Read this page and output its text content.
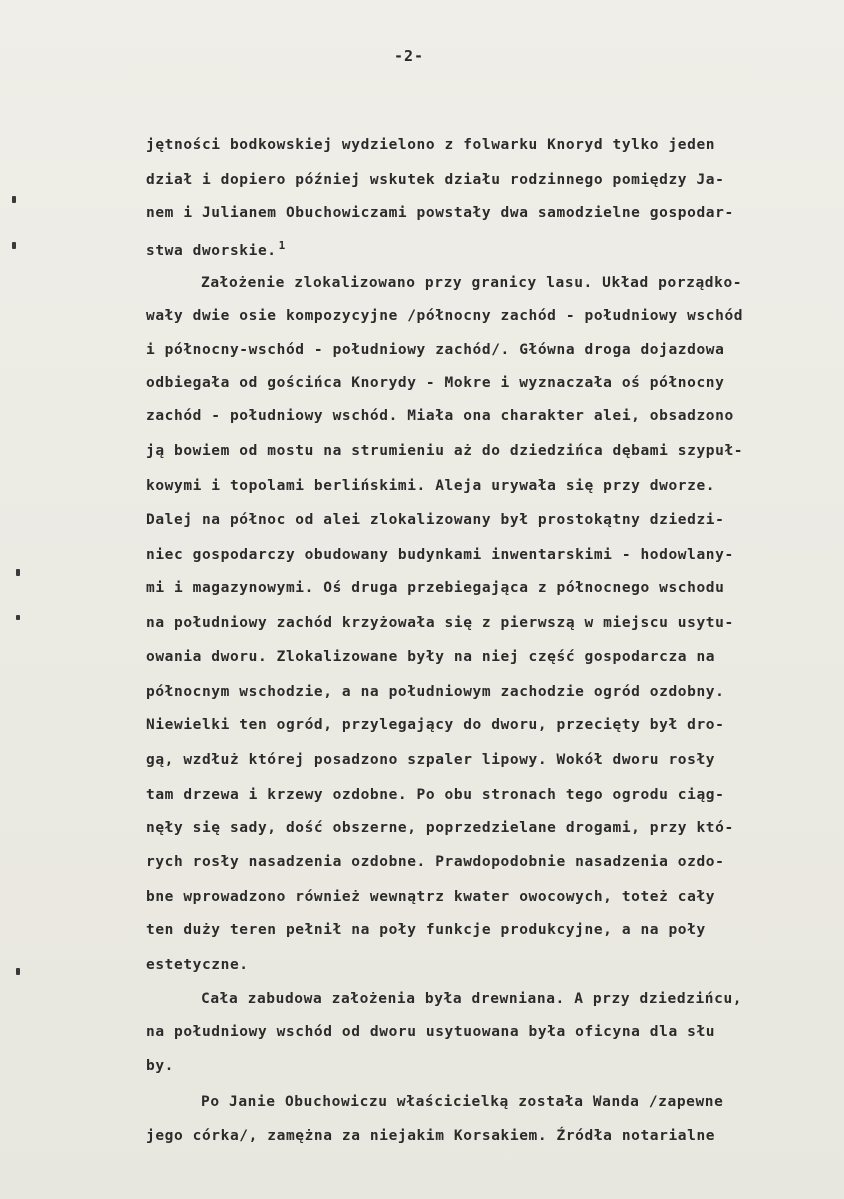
-2-
jętności bodkowskiej wydzielono z folwarku Knoryd tylko jeden
dział i dopiero później wskutek działu rodzinnego pomiędzy Ja-
nem i Julianem Obuchowiczami powstały dwa samodzielne gospodar-
stwa dworskie. $^1$
Założenie zlokalizowano przy granicy lasu. Układ porządko-
wały dwie osie kompozycyjne /północny zachód - południowy wschód
i północny-wschód - południowy zachód/. Główna droga dojazdowa
odbiegała od gościńca Knorydy - Mokre i wyznaczała oś północny
zachód - południowy wschód. Miała ona charakter alei, obsadzono
ją bowiem od mostu na strumieniu aż do dziedzińca dębami szypuł-
kowymi i topolami berlińskimi. Aleja urywała się przy dworze.
Dalej na północ od alei zlokalizowany był prostokątny dziedzi-
niec gospodarczy obudowany budynkami inwentarskimi - hodowlany-
mi i magazynowymi. Oś druga przebiegająca z północnego wschodu
na południowy zachód krzyżowała się z pierwszą w miejscu usytu-
owania dworu. Zlokalizowane były na niej część gospodarcza na
północnym wschodzie, a na południowym zachodzie ogród ozdobny.
Niewielki ten ogród, przylegający do dworu, przecięty był dro-
gą, wzdłuż której posadzono szpaler lipowy. Wokół dworu rosły
tam drzewa i krzewy ozdobne. Po obu stronach tego ogrodu ciąg-
nęły się sady, dość obszerne, poprzedzielane drogami, przy któ-
rych rosły nasadzenia ozdobne. Prawdopodobnie nasadzenia ozdo-
bne wprowadzono również wewnątrz kwater owocowych, toteż cały
ten duży teren pełnił na poły funkcje produkcyjne, a na poły
estetyczne.
Cała zabudowa założenia była drewniana. A przy dziedzińcu,
na południowy wschód od dworu usytuowana była oficyna dla słu
by.
Po Janie Obuchowiczu właścicielką została Wanda /zapewne
jego córka/, zamężna za niejakim Korsakiem. Źródła notarialne
